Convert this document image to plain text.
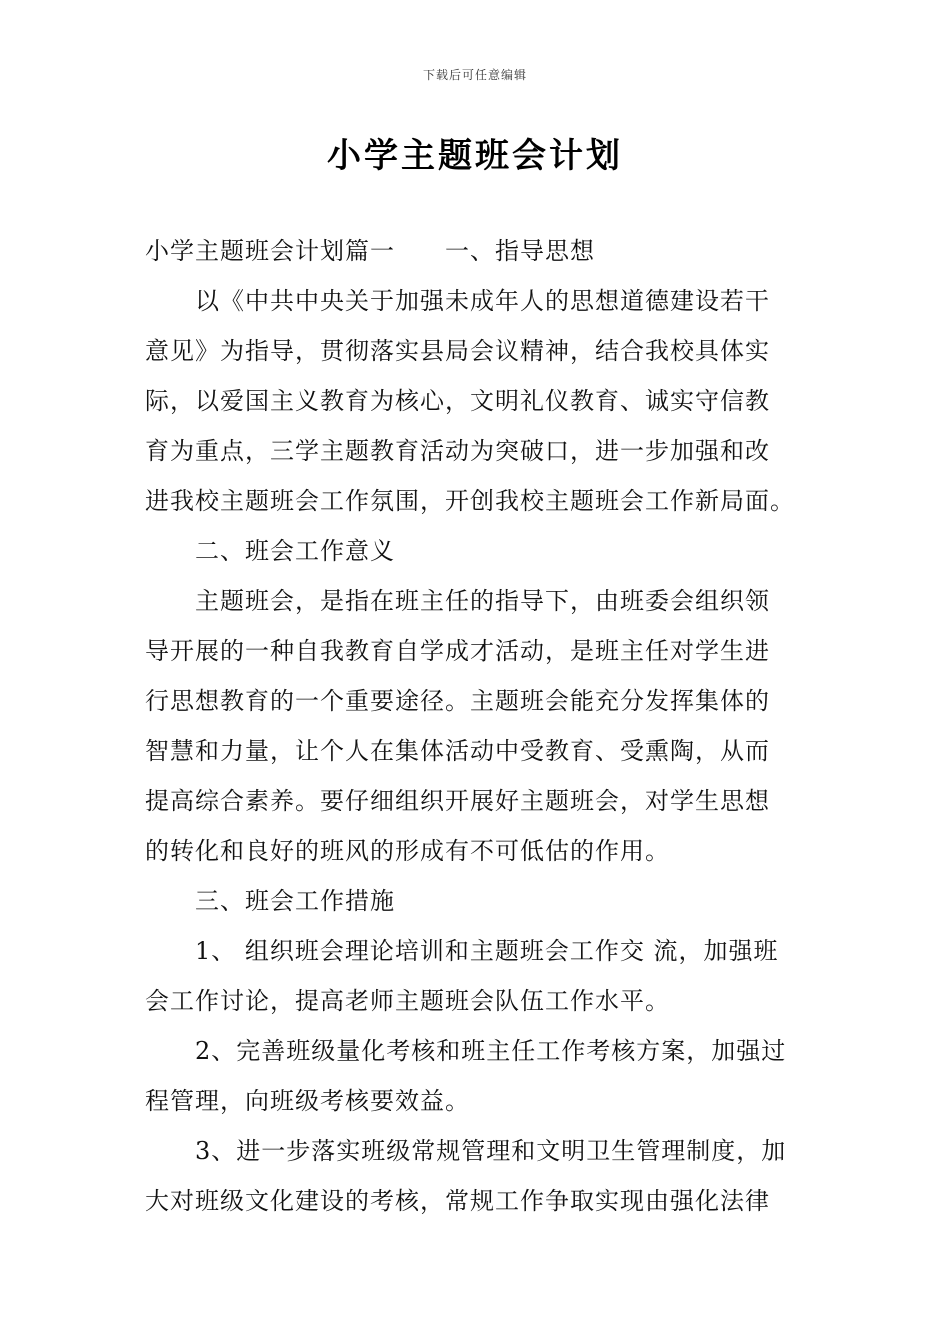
下载后可任意编辑
小学主题班会计划
小学主题班会计划篇一　　一、指导思想
　　以《中共中央关于加强未成年人的思想道德建设若干
意见》为指导，贯彻落实县局会议精神，结合我校具体实
际，以爱国主义教育为核心，文明礼仪教育、诚实守信教
育为重点，三学主题教育活动为突破口，进一步加强和改
进我校主题班会工作氛围，开创我校主题班会工作新局面。
　　二、班会工作意义
　　主题班会，是指在班主任的指导下，由班委会组织领
导开展的一种自我教育自学成才活动，是班主任对学生进
行思想教育的一个重要途径。主题班会能充分发挥集体的
智慧和力量，让个人在集体活动中受教育、受熏陶，从而
提高综合素养。要仔细组织开展好主题班会，对学生思想
的转化和良好的班风的形成有不可低估的作用。
　　三、班会工作措施
　　1、 组织班会理论培训和主题班会工作交 流，加强班
会工作讨论，提高老师主题班会队伍工作水平。
　　2、完善班级量化考核和班主任工作考核方案，加强过
程管理，向班级考核要效益。
　　3、进一步落实班级常规管理和文明卫生管理制度，加
大对班级文化建设的考核，常规工作争取实现由强化法律
